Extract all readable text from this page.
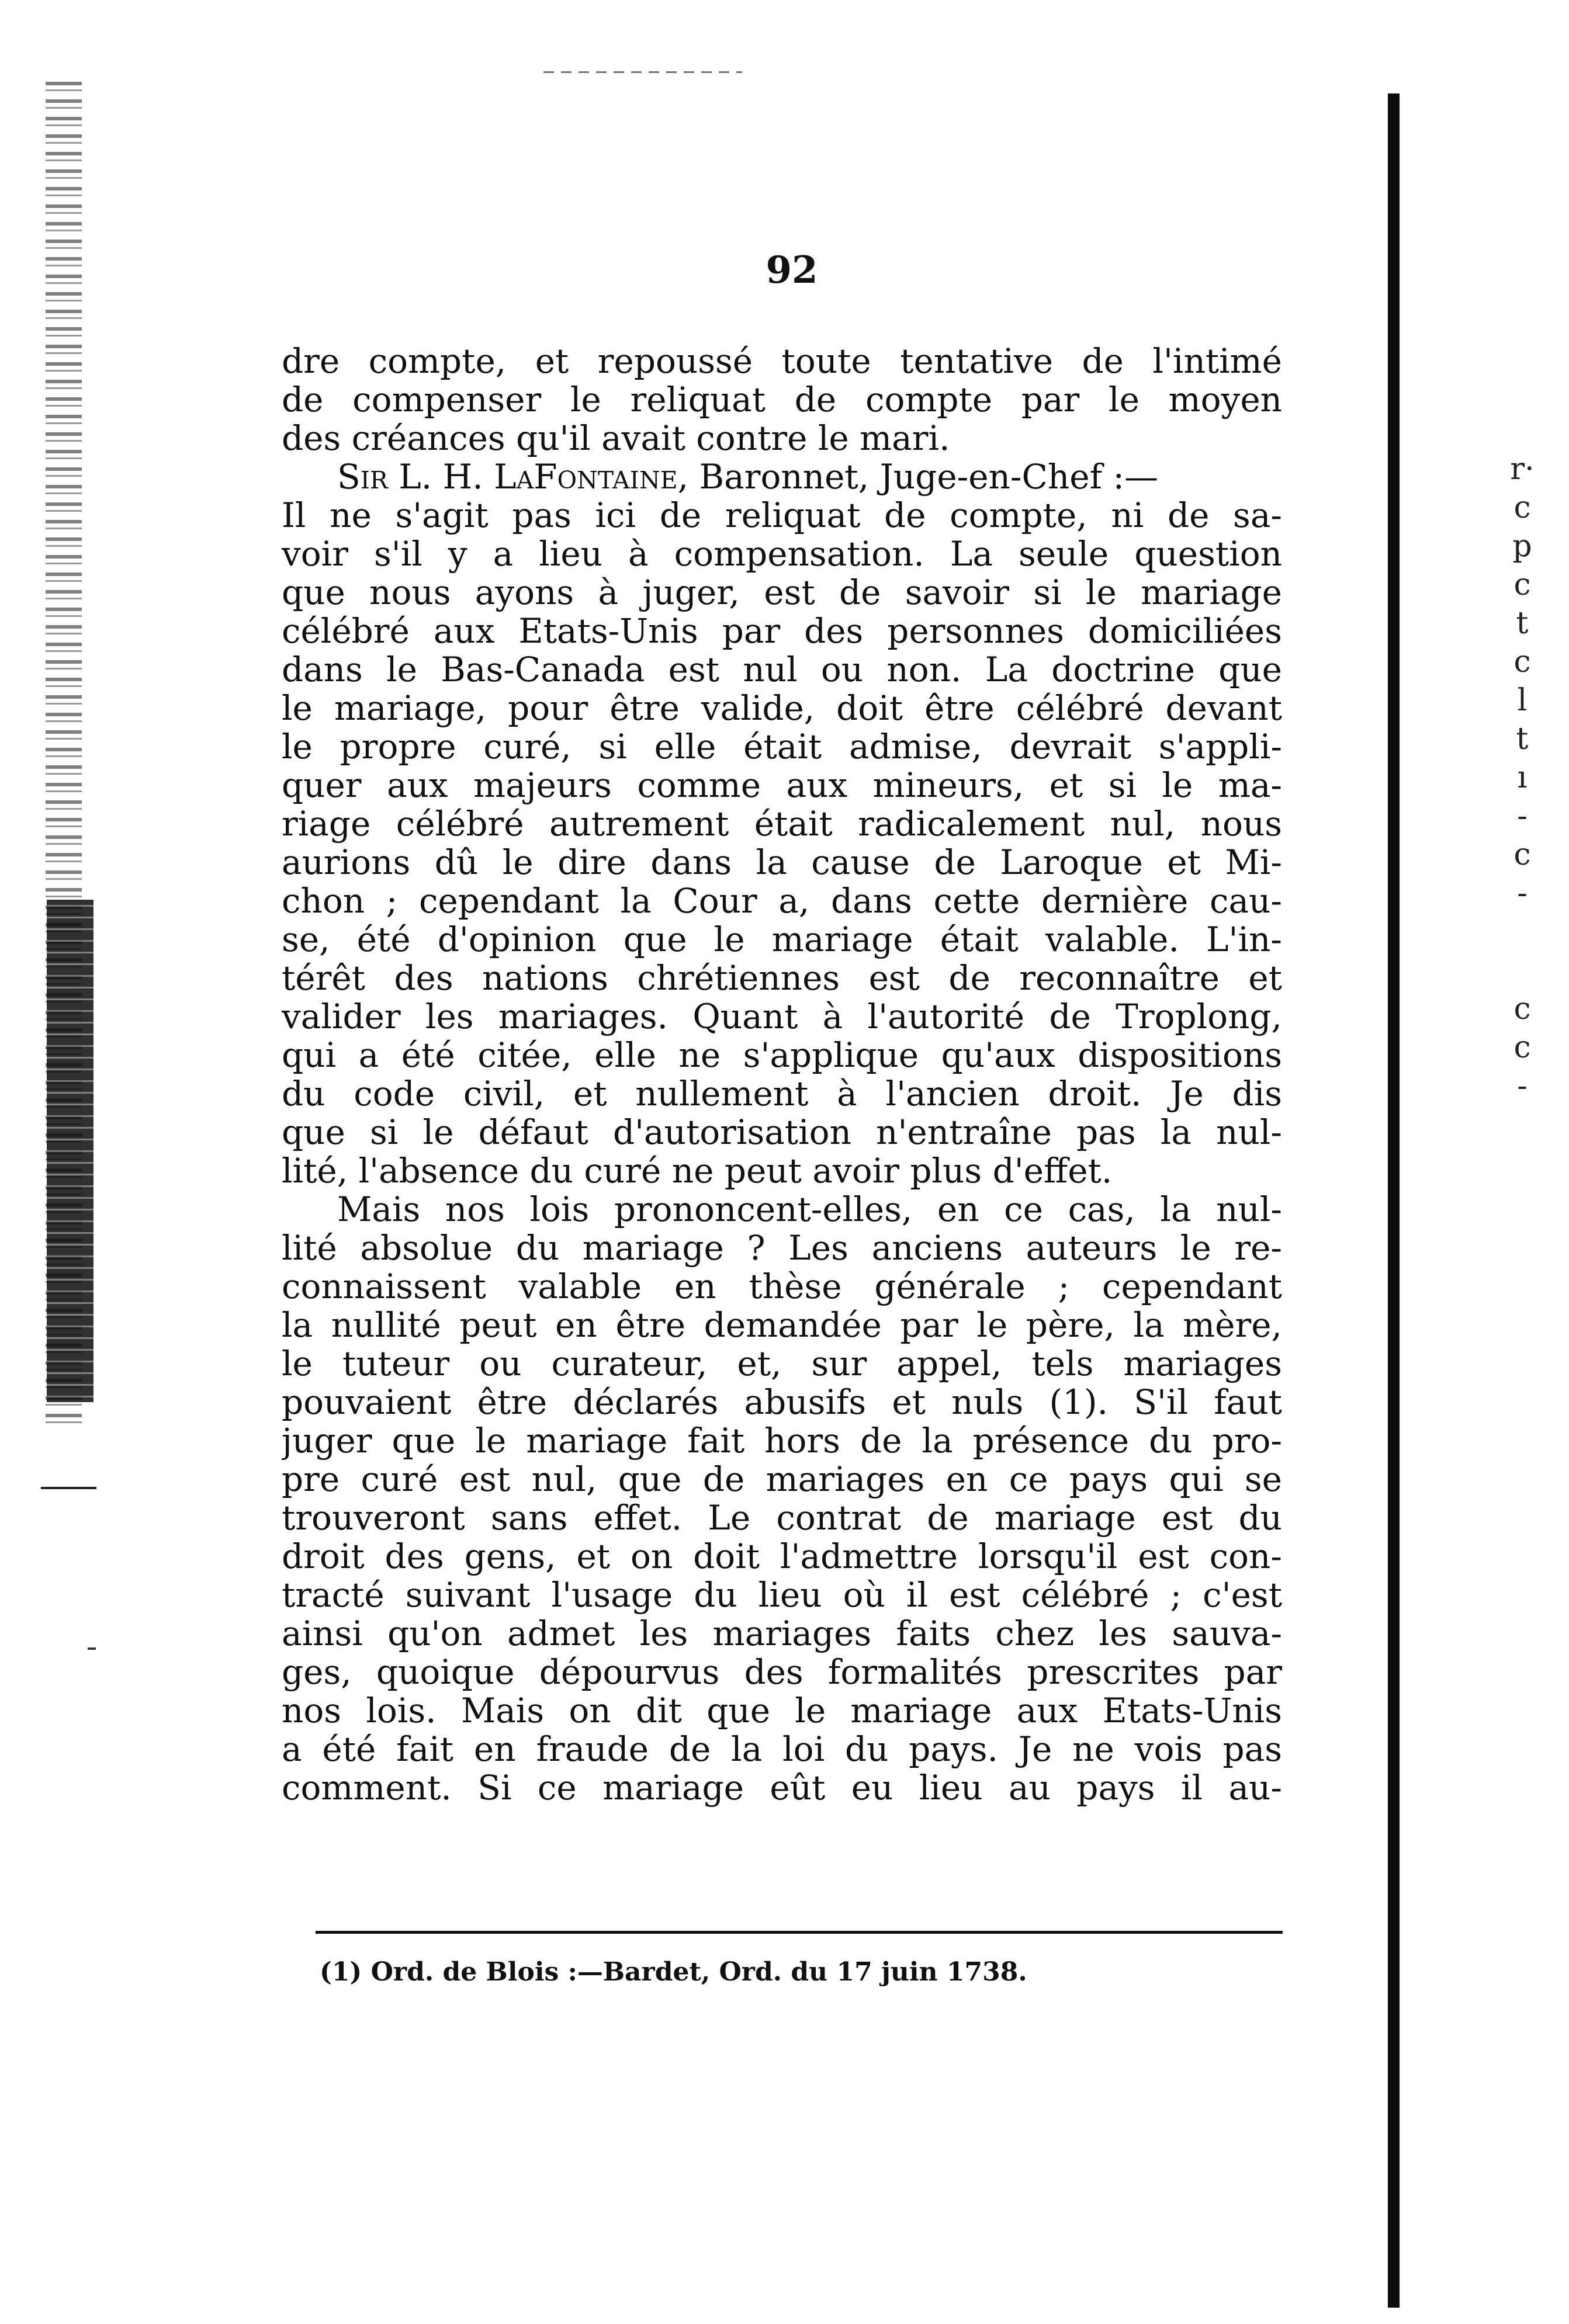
92
dre compte, et repoussé toute tentative de l'intimé
de compenser le reliquat de compte par le moyen
des créances qu'il avait contre le mari.
Sir L. H. LaFontaine, Baronnet, Juge-en-Chef :—
Il ne s'agit pas ici de reliquat de compte, ni de sa-
voir s'il y a lieu à compensation. La seule question
que nous ayons à juger, est de savoir si le mariage
célébré aux Etats-Unis par des personnes domiciliées
dans le Bas-Canada est nul ou non. La doctrine que
le mariage, pour être valide, doit être célébré devant
le propre curé, si elle était admise, devrait s'appli-
quer aux majeurs comme aux mineurs, et si le ma-
riage célébré autrement était radicalement nul, nous
aurions dû le dire dans la cause de Laroque et Mi-
chon ; cependant la Cour a, dans cette dernière cau-
se, été d'opinion que le mariage était valable. L'in-
térêt des nations chrétiennes est de reconnaître et
valider les mariages. Quant à l'autorité de Troplong,
qui a été citée, elle ne s'applique qu'aux dispositions
du code civil, et nullement à l'ancien droit. Je dis
que si le défaut d'autorisation n'entraîne pas la nul-
lité, l'absence du curé ne peut avoir plus d'effet.
Mais nos lois prononcent-elles, en ce cas, la nul-
lité absolue du mariage ? Les anciens auteurs le re-
connaissent valable en thèse générale ; cependant
la nullité peut en être demandée par le père, la mère,
le tuteur ou curateur, et, sur appel, tels mariages
pouvaient être déclarés abusifs et nuls (1). S'il faut
juger que le mariage fait hors de la présence du pro-
pre curé est nul, que de mariages en ce pays qui se
trouveront sans effet. Le contrat de mariage est du
droit des gens, et on doit l'admettre lorsqu'il est con-
tracté suivant l'usage du lieu où il est célébré ; c'est
ainsi qu'on admet les mariages faits chez les sauva-
ges, quoique dépourvus des formalités prescrites par
nos lois. Mais on dit que le mariage aux Etats-Unis
a été fait en fraude de la loi du pays. Je ne vois pas
comment. Si ce mariage eût eu lieu au pays il au-
(1) Ord. de Blois :—Bardet, Ord. du 17 juin 1738.
r·
c
p
c
t
c
l
t
ı
-
c
-
c
c
-
